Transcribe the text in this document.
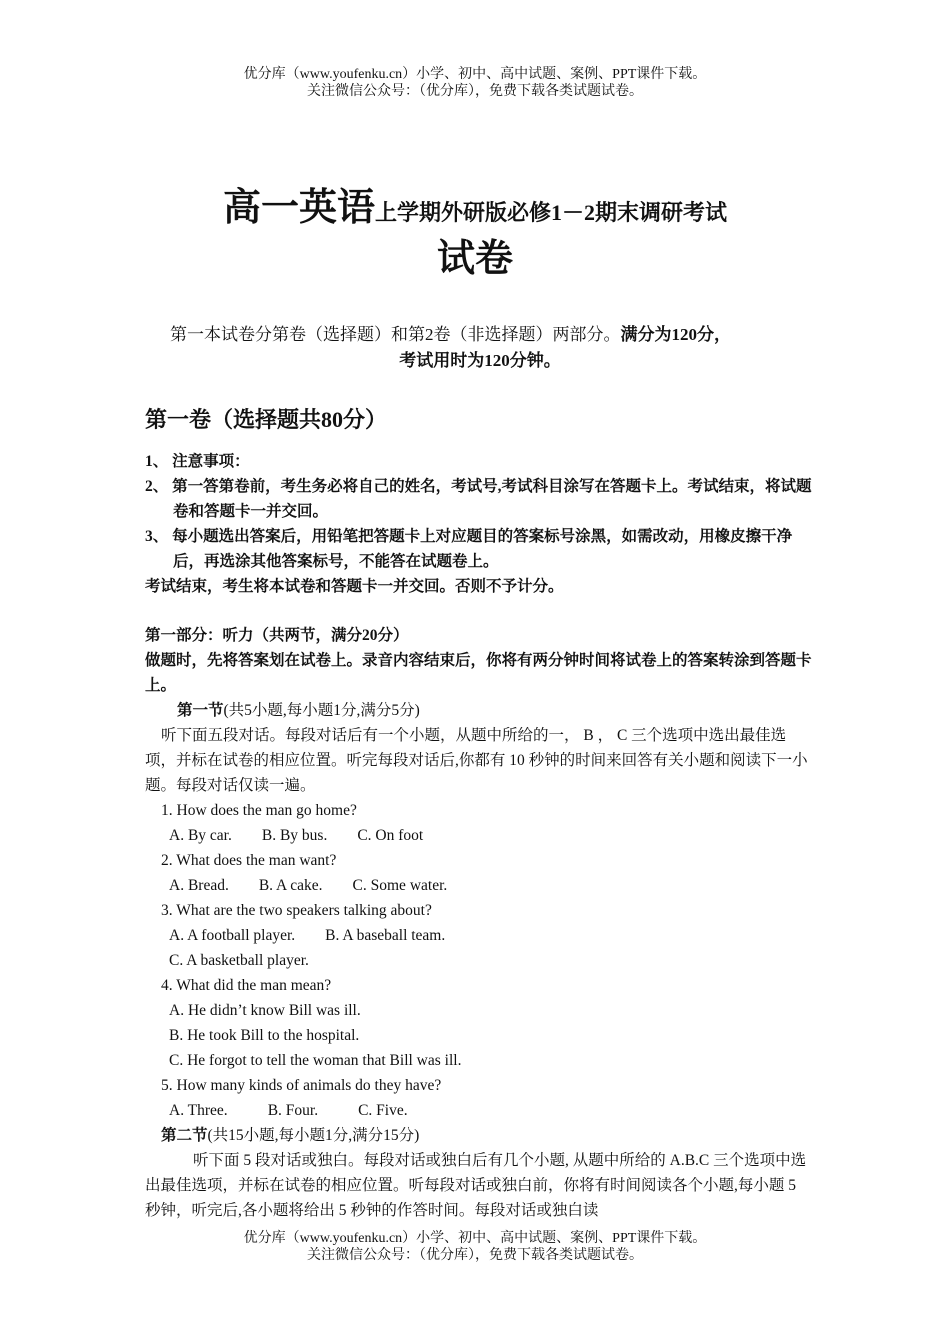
优分库（www.youfenku.cn）小学、初中、高中试题、案例、PPT课件下载。
关注微信公众号：（优分库），免费下载各类试题试卷。
高一英语上学期外研版必修1－2期末调研考试
试卷
第一本试卷分第卷（选择题）和第2卷（非选择题）两部分。满分为120分，
考试用时为120分钟。
第一卷（选择题共80分）
1、 注意事项：
2、 第一答第卷前，考生务必将自己的姓名，考试号,考试科目涂写在答题卡上。考试结束，将试题卷和答题卡一并交回。
3、 每小题选出答案后，用铅笔把答题卡上对应题目的答案标号涂黑，如需改动，用橡皮擦干净后，再选涂其他答案标号，不能答在试题卷上。
考试结束，考生将本试卷和答题卡一并交回。否则不予计分。
第一部分：听力（共两节，满分20分）
做题时，先将答案划在试卷上。录音内容结束后，你将有两分钟时间将试卷上的答案转涂到答题卡上。
第一节(共5小题,每小题1分,满分5分)
听下面五段对话。每段对话后有一个小题，从题中所给的一， B ， C 三个选项中选出最佳选项，并标在试卷的相应位置。听完每段对话后,你都有 10 秒钟的时间来回答有关小题和阅读下一小题。每段对话仅读一遍。
1. How does the man go home?
A. By car. B. By bus. C. On foot
2. What does the man want?
A. Bread. B. A cake. C. Some water.
3. What are the two speakers talking about?
A. A football player. B. A baseball team.
C. A basketball player.
4. What did the man mean?
A. He didn’t know Bill was ill.
B. He took Bill to the hospital.
C. He forgot to tell the woman that Bill was ill.
5. How many kinds of animals do they have?
A. Three.	B. Four.	C. Five.
第二节(共15小题,每小题1分,满分15分)
听下面 5 段对话或独白。每段对话或独白后有几个小题, 从题中所给的 A.B.C 三个选项中选出最佳选项，并标在试卷的相应位置。听每段对话或独白前，你将有时间阅读各个小题,每小题 5 秒钟，听完后,各小题将给出 5 秒钟的作答时间。每段对话或独白读
优分库（www.youfenku.cn）小学、初中、高中试题、案例、PPT课件下载。
关注微信公众号：（优分库），免费下载各类试题试卷。
